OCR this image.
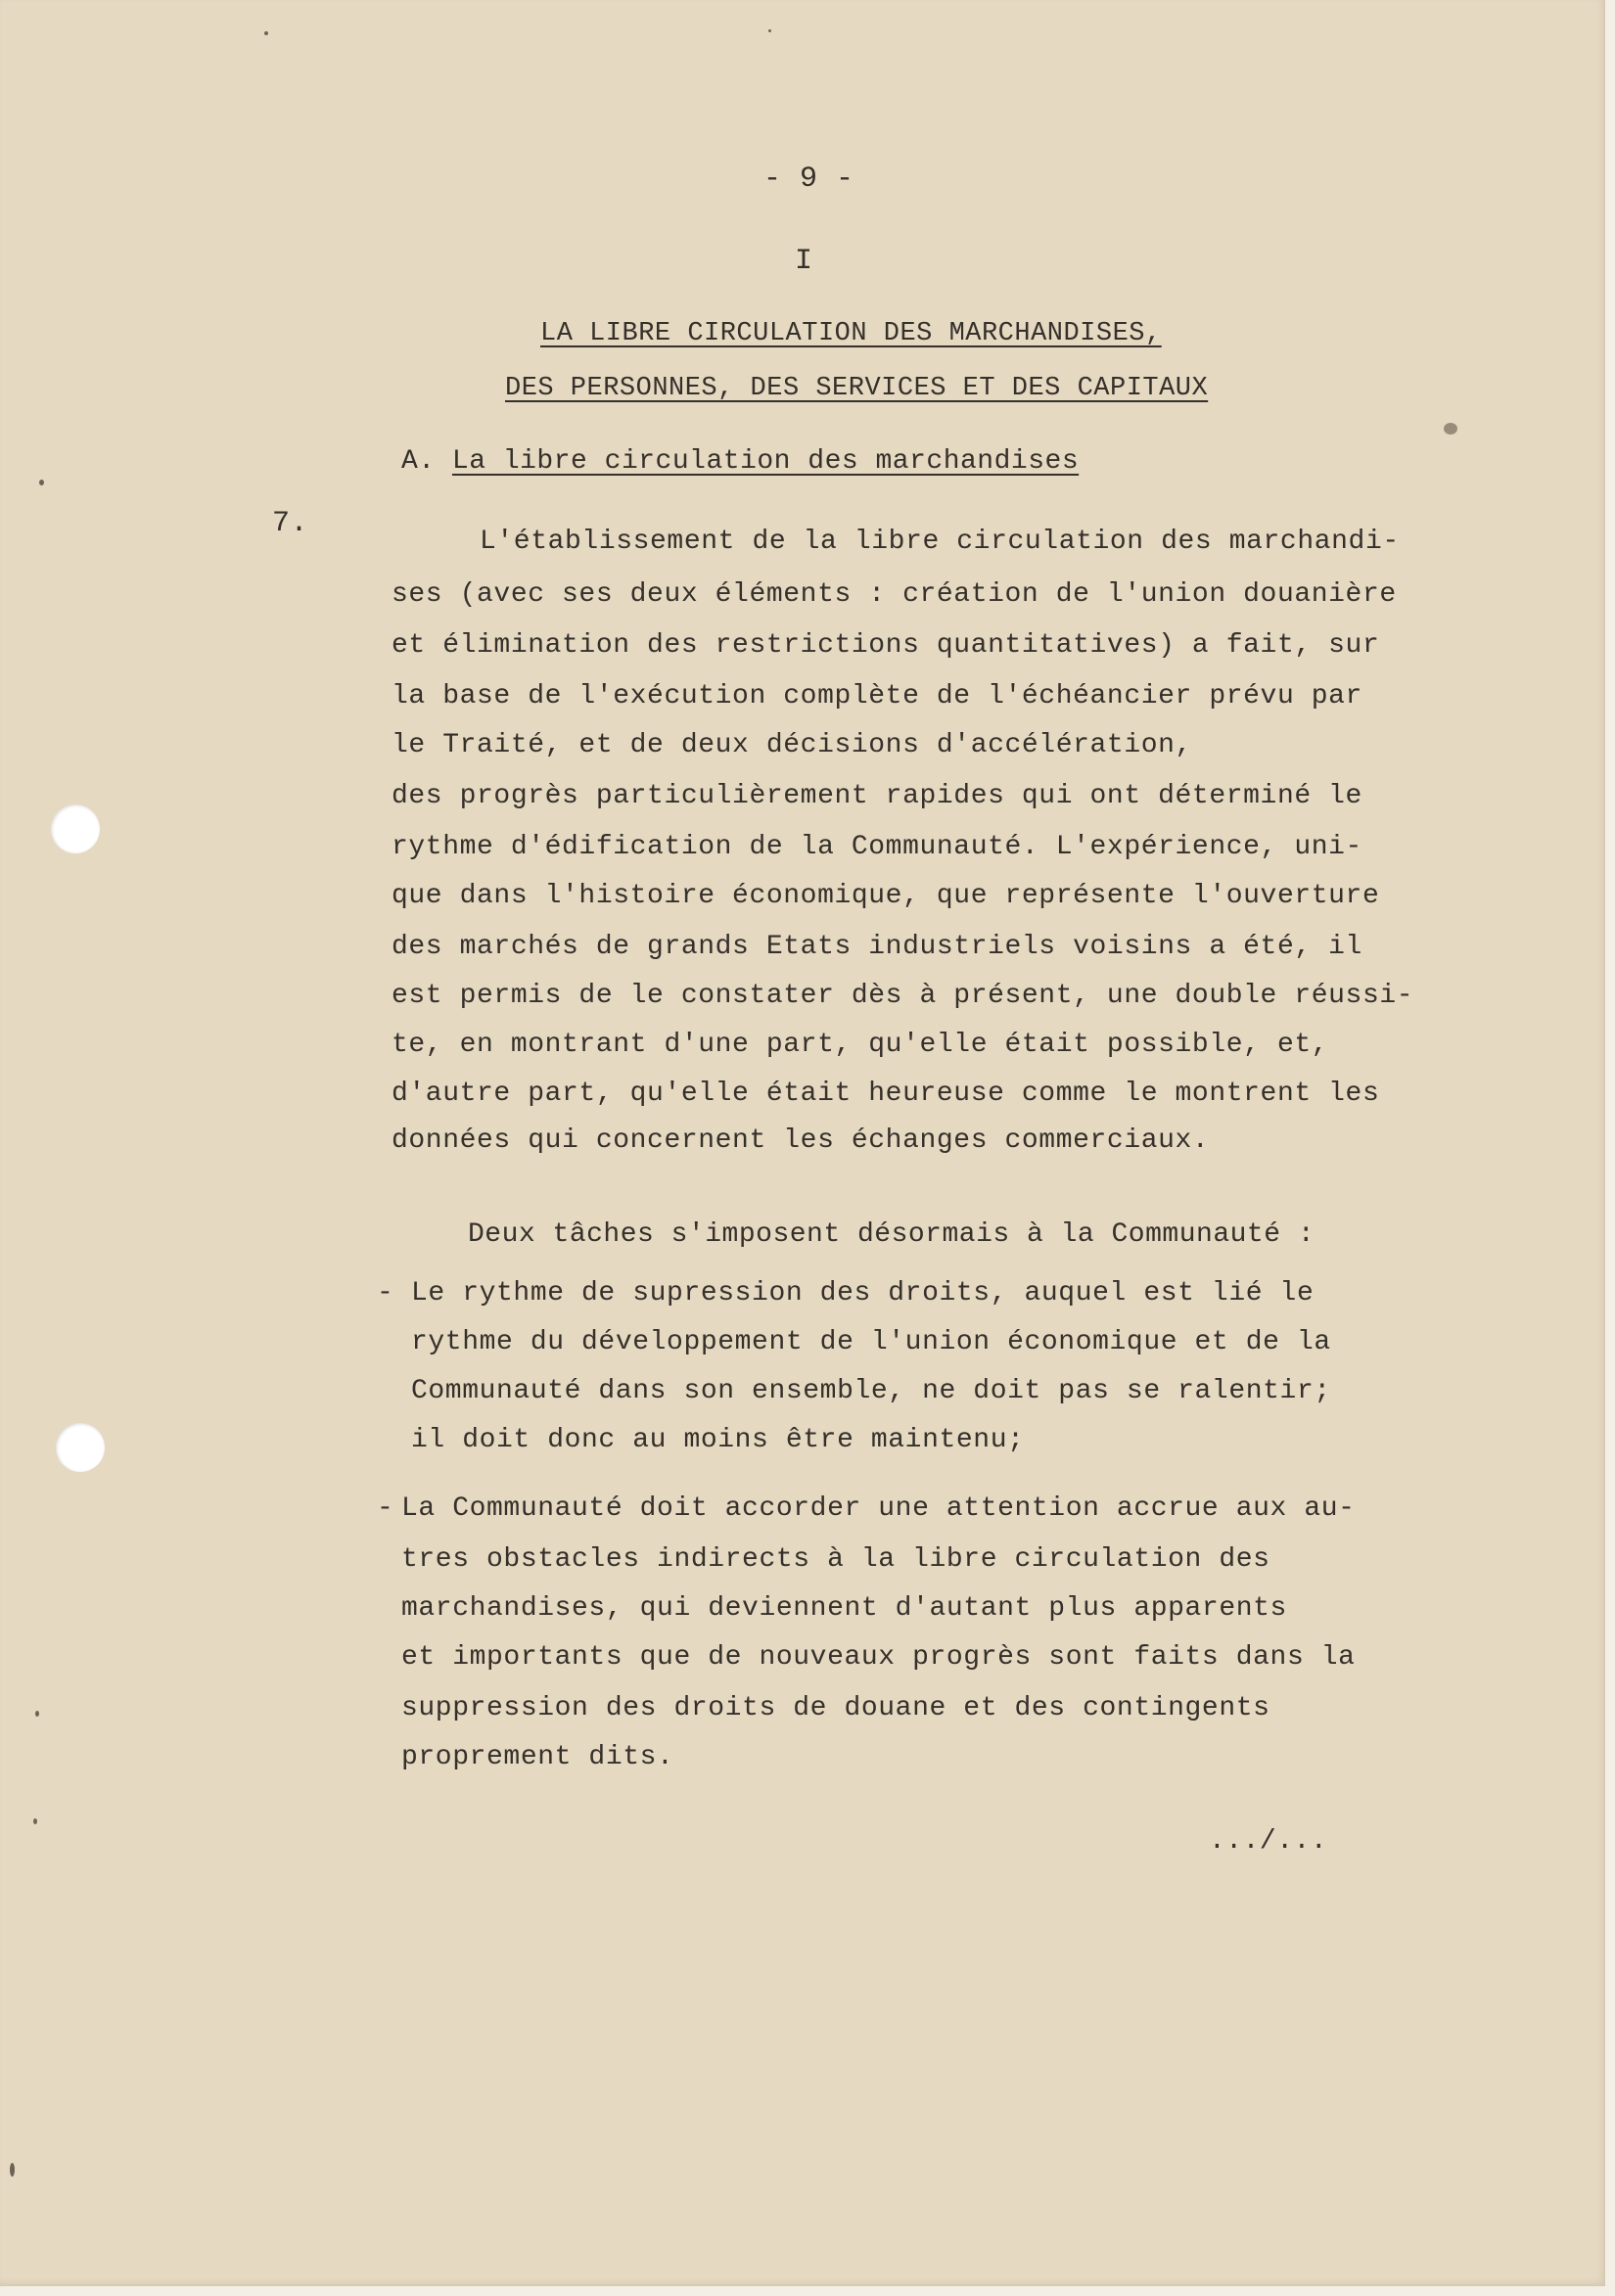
- 9 -
I
LA LIBRE CIRCULATION DES MARCHANDISES,
DES PERSONNES, DES SERVICES ET DES CAPITAUX
A. La libre circulation des marchandises
7.
L'établissement de la libre circulation des marchandi-
ses (avec ses deux éléments : création de l'union douanière
et élimination des restrictions quantitatives) a fait, sur
la base de l'exécution complète de l'échéancier prévu par
le Traité, et de deux décisions d'accélération,
des progrès particulièrement rapides qui ont déterminé le
rythme d'édification de la Communauté. L'expérience, uni-
que dans l'histoire économique, que représente l'ouverture
des marchés de grands Etats industriels voisins a été, il
est permis de le constater dès à présent, une double réussi-
te, en montrant d'une part, qu'elle était possible, et,
d'autre part, qu'elle était heureuse comme le montrent les
données qui concernent les échanges commerciaux.
Deux tâches s'imposent désormais à la Communauté :
- Le rythme de supression des droits, auquel est lié le
rythme du développement de l'union économique et de la
Communauté dans son ensemble, ne doit pas se ralentir;
il doit donc au moins être maintenu;
- La Communauté doit accorder une attention accrue aux au-
tres obstacles indirects à la libre circulation des
marchandises, qui deviennent d'autant plus apparents
et importants que de nouveaux progrès sont faits dans la
suppression des droits de douane et des contingents
proprement dits.
.../...
